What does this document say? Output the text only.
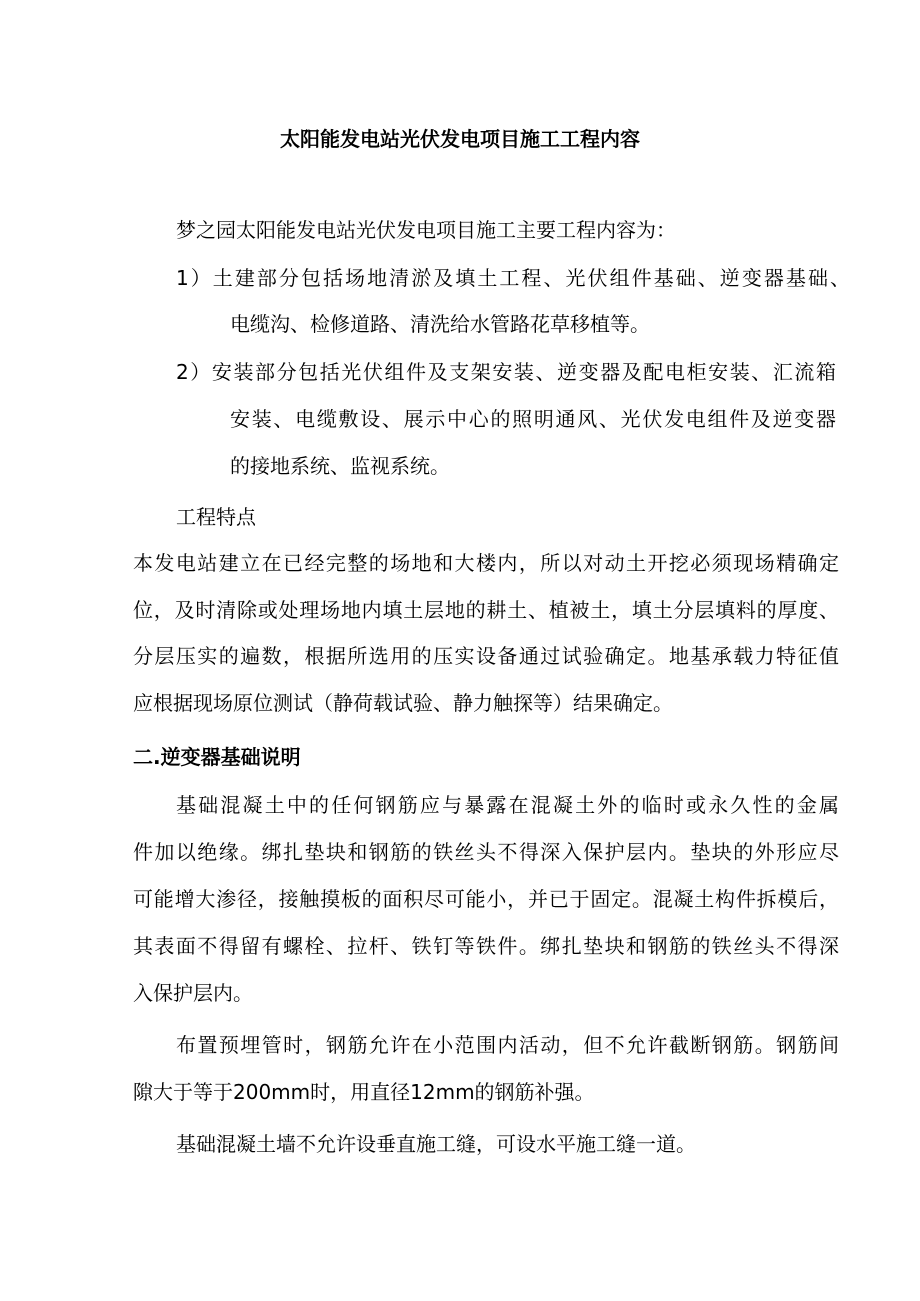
太阳能发电站光伏发电项目施工工程内容
梦之园太阳能发电站光伏发电项目施工主要工程内容为：
1）土建部分包括场地清淤及填土工程、光伏组件基础、逆变器基础、
电缆沟、检修道路、清洗给水管路花草移植等。
2）安装部分包括光伏组件及支架安装、逆变器及配电柜安装、汇流箱
安装、电缆敷设、展示中心的照明通风、光伏发电组件及逆变器
的接地系统、监视系统。
工程特点
本发电站建立在已经完整的场地和大楼内，所以对动土开挖必须现场精确定
位，及时清除或处理场地内填土层地的耕土、植被土，填土分层填料的厚度、
分层压实的遍数，根据所选用的压实设备通过试验确定。地基承载力特征值
应根据现场原位测试（静荷载试验、静力触探等）结果确定。
二.逆变器基础说明
基础混凝土中的任何钢筋应与暴露在混凝土外的临时或永久性的金属
件加以绝缘。绑扎垫块和钢筋的铁丝头不得深入保护层内。垫块的外形应尽
可能增大渗径，接触摸板的面积尽可能小，并已于固定。混凝土构件拆模后，
其表面不得留有螺栓、拉杆、铁钉等铁件。绑扎垫块和钢筋的铁丝头不得深
入保护层内。
布置预埋管时，钢筋允许在小范围内活动，但不允许截断钢筋。钢筋间
隙大于等于200mm时，用直径12mm的钢筋补强。
基础混凝土墙不允许设垂直施工缝，可设水平施工缝一道。
